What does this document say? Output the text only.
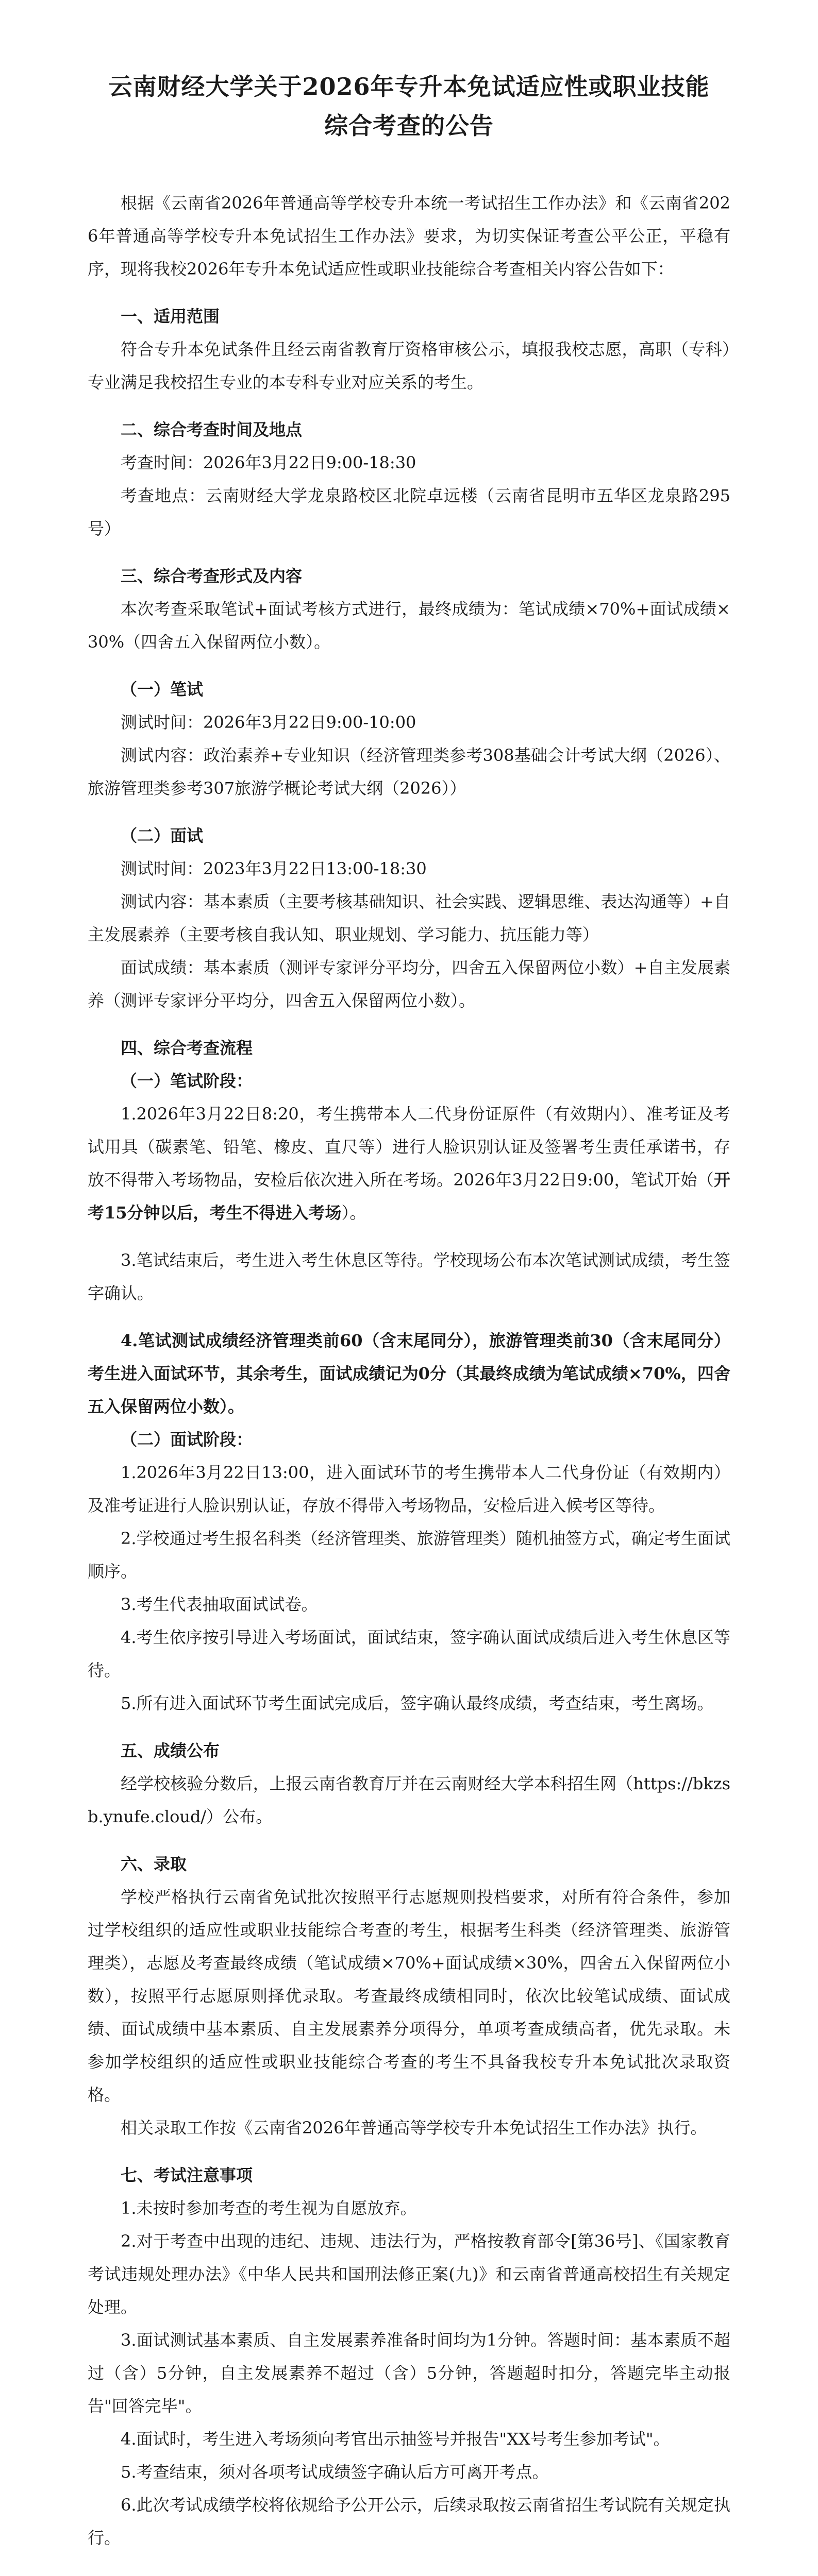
云南财经大学关于2026年专升本免试适应性或职业技能
综合考查的公告

根据《云南省2026年普通高等学校专升本统一考试招生工作办法》和《云南省2026年普通高等学校专升本免试招生工作办法》要求，为切实保证考查公平公正，平稳有序，现将我校2026年专升本免试适应性或职业技能综合考查相关内容公告如下：

一、适用范围

符合专升本免试条件且经云南省教育厅资格审核公示，填报我校志愿，高职（专科）专业满足我校招生专业的本专科专业对应关系的考生。

二、综合考查时间及地点

考查时间：2026年3月22日9:00-18:30

考查地点：云南财经大学龙泉路校区北院卓远楼（云南省昆明市五华区龙泉路295号）

三、综合考查形式及内容

本次考查采取笔试+面试考核方式进行，最终成绩为：笔试成绩×70%+面试成绩×30%（四舍五入保留两位小数）。

（一）笔试

测试时间：2026年3月22日9:00-10:00

测试内容：政治素养+专业知识（经济管理类参考308基础会计考试大纲（2026）、旅游管理类参考307旅游学概论考试大纲（2026））

（二）面试

测试时间：2023年3月22日13:00-18:30

测试内容：基本素质（主要考核基础知识、社会实践、逻辑思维、表达沟通等）+自主发展素养（主要考核自我认知、职业规划、学习能力、抗压能力等）

面试成绩：基本素质（测评专家评分平均分，四舍五入保留两位小数）+自主发展素养（测评专家评分平均分，四舍五入保留两位小数）。

四、综合考查流程

（一）笔试阶段：

1.2026年3月22日8:20，考生携带本人二代身份证原件（有效期内）、准考证及考试用具（碳素笔、铅笔、橡皮、直尺等）进行人脸识别认证及签署考生责任承诺书，存放不得带入考场物品，安检后依次进入所在考场。2026年3月22日9:00，笔试开始（开考15分钟以后，考生不得进入考场）。

3.笔试结束后，考生进入考生休息区等待。学校现场公布本次笔试测试成绩，考生签字确认。

4.笔试测试成绩经济管理类前60（含末尾同分），旅游管理类前30（含末尾同分）考生进入面试环节，其余考生，面试成绩记为0分（其最终成绩为笔试成绩×70%，四舍五入保留两位小数）。

（二）面试阶段：

1.2026年3月22日13:00，进入面试环节的考生携带本人二代身份证（有效期内）及准考证进行人脸识别认证，存放不得带入考场物品，安检后进入候考区等待。

2.学校通过考生报名科类（经济管理类、旅游管理类）随机抽签方式，确定考生面试顺序。

3.考生代表抽取面试试卷。

4.考生依序按引导进入考场面试，面试结束，签字确认面试成绩后进入考生休息区等待。

5.所有进入面试环节考生面试完成后，签字确认最终成绩，考查结束，考生离场。

五、成绩公布

经学校核验分数后，上报云南省教育厅并在云南财经大学本科招生网（https://bkzsb.ynufe.cloud/）公布。

六、录取

学校严格执行云南省免试批次按照平行志愿规则投档要求，对所有符合条件，参加过学校组织的适应性或职业技能综合考查的考生，根据考生科类（经济管理类、旅游管理类），志愿及考查最终成绩（笔试成绩×70%+面试成绩×30%，四舍五入保留两位小数），按照平行志愿原则择优录取。考查最终成绩相同时，依次比较笔试成绩、面试成绩、面试成绩中基本素质、自主发展素养分项得分，单项考查成绩高者，优先录取。未参加学校组织的适应性或职业技能综合考查的考生不具备我校专升本免试批次录取资格。

相关录取工作按《云南省2026年普通高等学校专升本免试招生工作办法》执行。

七、考试注意事项

1.未按时参加考查的考生视为自愿放弃。

2.对于考查中出现的违纪、违规、违法行为，严格按教育部令[第36号]、《国家教育考试违规处理办法》《中华人民共和国刑法修正案(九)》和云南省普通高校招生有关规定处理。

3.面试测试基本素质、自主发展素养准备时间均为1分钟。答题时间：基本素质不超过（含）5分钟，自主发展素养不超过（含）5分钟，答题超时扣分，答题完毕主动报告"回答完毕"。

4.面试时，考生进入考场须向考官出示抽签号并报告"XX号考生参加考试"。

5.考查结束，须对各项考试成绩签字确认后方可离开考点。

6.此次考试成绩学校将依规给予公开公示，后续录取按云南省招生考试院有关规定执行。
